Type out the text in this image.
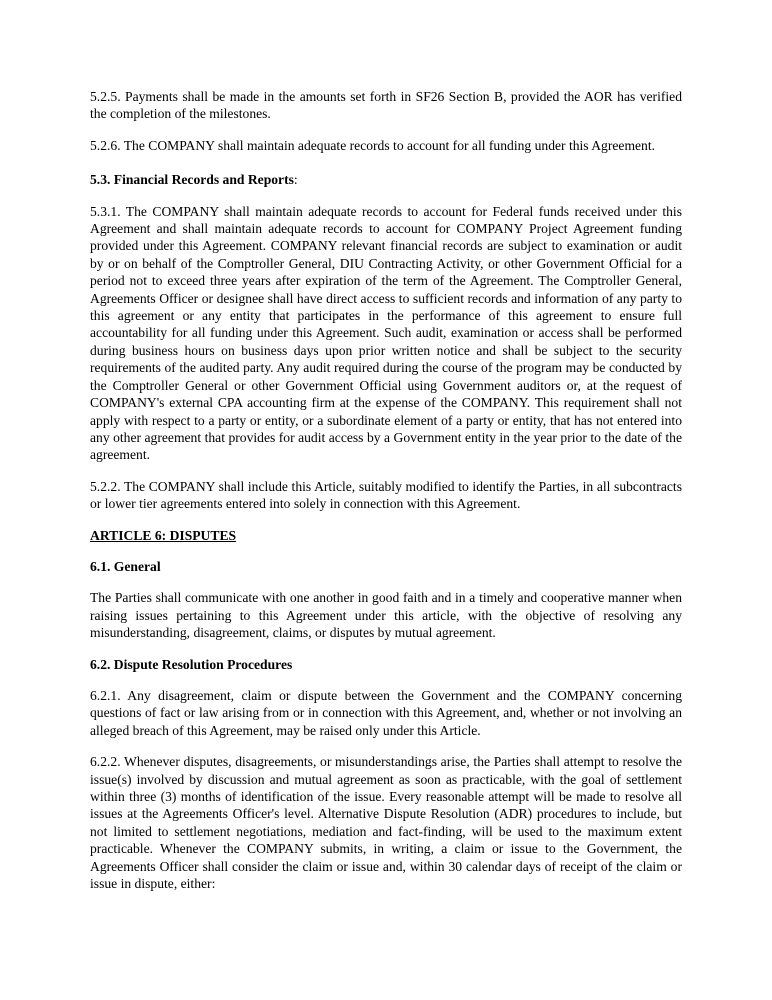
5.2.5. Payments shall be made in the amounts set forth in SF26 Section B, provided the AOR has verified the completion of the milestones.

5.2.6. The COMPANY shall maintain adequate records to account for all funding under this Agreement.

5.3. Financial Records and Reports:

5.3.1. The COMPANY shall maintain adequate records to account for Federal funds received under this Agreement and shall maintain adequate records to account for COMPANY Project Agreement funding provided under this Agreement. COMPANY relevant financial records are subject to examination or audit by or on behalf of the Comptroller General, DIU Contracting Activity, or other Government Official for a period not to exceed three years after expiration of the term of the Agreement. The Comptroller General, Agreements Officer or designee shall have direct access to sufficient records and information of any party to this agreement or any entity that participates in the performance of this agreement to ensure full accountability for all funding under this Agreement. Such audit, examination or access shall be performed during business hours on business days upon prior written notice and shall be subject to the security requirements of the audited party. Any audit required during the course of the program may be conducted by the Comptroller General or other Government Official using Government auditors or, at the request of COMPANY's external CPA accounting firm at the expense of the COMPANY. This requirement shall not apply with respect to a party or entity, or a subordinate element of a party or entity, that has not entered into any other agreement that provides for audit access by a Government entity in the year prior to the date of the agreement.

5.2.2. The COMPANY shall include this Article, suitably modified to identify the Parties, in all subcontracts or lower tier agreements entered into solely in connection with this Agreement.

ARTICLE 6: DISPUTES

6.1. General

The Parties shall communicate with one another in good faith and in a timely and cooperative manner when raising issues pertaining to this Agreement under this article, with the objective of resolving any misunderstanding, disagreement, claims, or disputes by mutual agreement.

6.2. Dispute Resolution Procedures

6.2.1. Any disagreement, claim or dispute between the Government and the COMPANY concerning questions of fact or law arising from or in connection with this Agreement, and, whether or not involving an alleged breach of this Agreement, may be raised only under this Article.

6.2.2. Whenever disputes, disagreements, or misunderstandings arise, the Parties shall attempt to resolve the issue(s) involved by discussion and mutual agreement as soon as practicable, with the goal of settlement within three (3) months of identification of the issue. Every reasonable attempt will be made to resolve all issues at the Agreements Officer's level. Alternative Dispute Resolution (ADR) procedures to include, but not limited to settlement negotiations, mediation and fact-finding, will be used to the maximum extent practicable. Whenever the COMPANY submits, in writing, a claim or issue to the Government, the Agreements Officer shall consider the claim or issue and, within 30 calendar days of receipt of the claim or issue in dispute, either:
